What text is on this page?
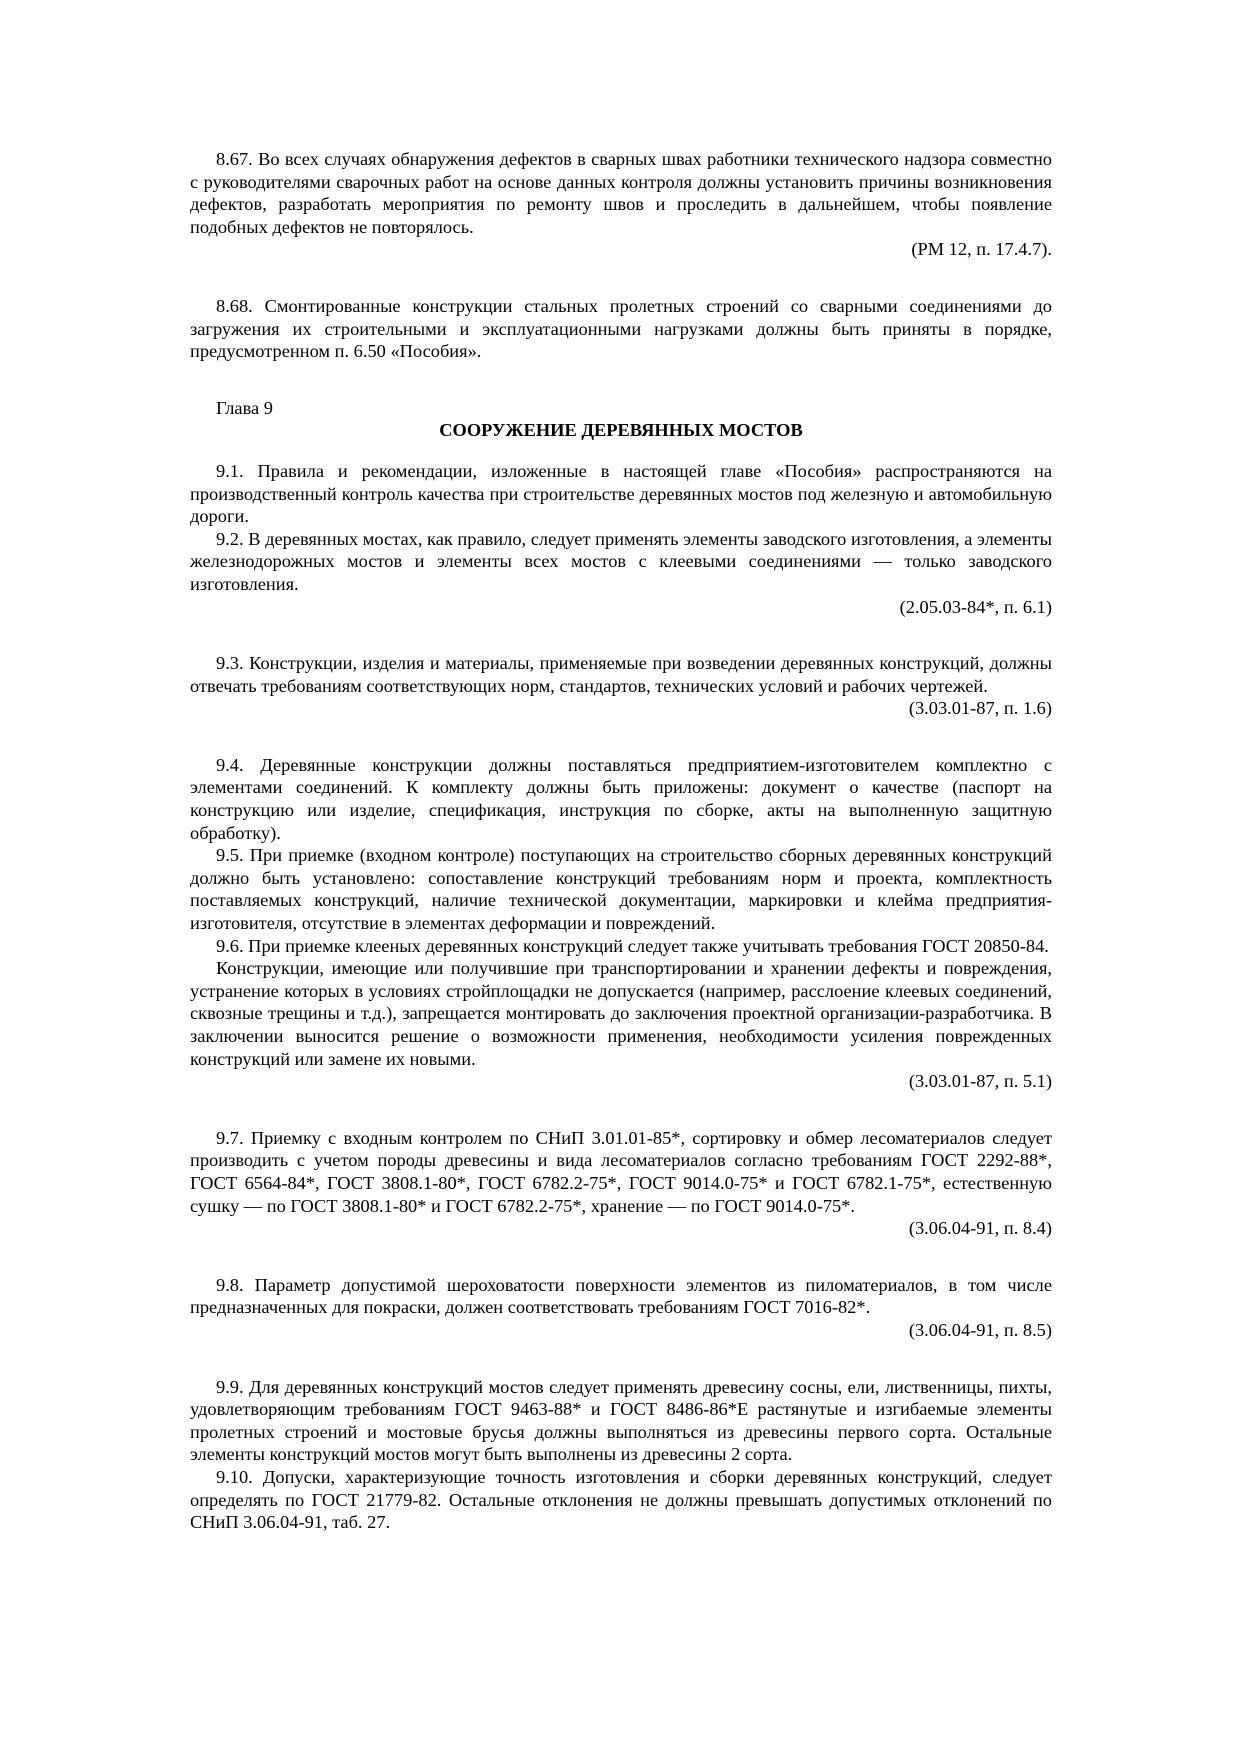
8.67. Во всех случаях обнаружения дефектов в сварных швах работники технического надзора совместно с руководителями сварочных работ на основе данных контроля должны установить причины возникновения дефектов, разработать мероприятия по ремонту швов и проследить в дальнейшем, чтобы появление подобных дефектов не повторялось.

(РМ 12, п. 17.4.7).

8.68. Смонтированные конструкции стальных пролетных строений со сварными соединениями до загружения их строительными и эксплуатационными нагрузками должны быть приняты в порядке, предусмотренном п. 6.50 «Пособия».

Глава 9

СООРУЖЕНИЕ ДЕРЕВЯННЫХ МОСТОВ

9.1. Правила и рекомендации, изложенные в настоящей главе «Пособия» распространяются на производственный контроль качества при строительстве деревянных мостов под железную и автомобильную дороги.

9.2. В деревянных мостах, как правило, следует применять элементы заводского изготовления, а элементы железнодорожных мостов и элементы всех мостов с клеевыми соединениями — только заводского изготовления.

(2.05.03-84*, п. 6.1)

9.3. Конструкции, изделия и материалы, применяемые при возведении деревянных конструкций, должны отвечать требованиям соответствующих норм, стандартов, технических условий и рабочих чертежей.

(3.03.01-87, п. 1.6)

9.4. Деревянные конструкции должны поставляться предприятием-изготовителем комплектно с элементами соединений. К комплекту должны быть приложены: документ о качестве (паспорт на конструкцию или изделие, спецификация, инструкция по сборке, акты на выполненную защитную обработку).

9.5. При приемке (входном контроле) поступающих на строительство сборных деревянных конструкций должно быть установлено: сопоставление конструкций требованиям норм и проекта, комплектность поставляемых конструкций, наличие технической документации, маркировки и клейма предприятия-изготовителя, отсутствие в элементах деформации и повреждений.

9.6. При приемке клееных деревянных конструкций следует также учитывать требования ГОСТ 20850-84.

Конструкции, имеющие или получившие при транспортировании и хранении дефекты и повреждения, устранение которых в условиях стройплощадки не допускается (например, расслоение клеевых соединений, сквозные трещины и т.д.), запрещается монтировать до заключения проектной организации-разработчика. В заключении выносится решение о возможности применения, необходимости усиления поврежденных конструкций или замене их новыми.

(3.03.01-87, п. 5.1)

9.7. Приемку с входным контролем по СНиП 3.01.01-85*, сортировку и обмер лесоматериалов следует производить с учетом породы древесины и вида лесоматериалов согласно требованиям ГОСТ 2292-88*, ГОСТ 6564-84*, ГОСТ 3808.1-80*, ГОСТ 6782.2-75*, ГОСТ 9014.0-75* и ГОСТ 6782.1-75*, естественную сушку — по ГОСТ 3808.1-80* и ГОСТ 6782.2-75*, хранение — по ГОСТ 9014.0-75*.

(3.06.04-91, п. 8.4)

9.8. Параметр допустимой шероховатости поверхности элементов из пиломатериалов, в том числе предназначенных для покраски, должен соответствовать требованиям ГОСТ 7016-82*.

(3.06.04-91, п. 8.5)

9.9. Для деревянных конструкций мостов следует применять древесину сосны, ели, лиственницы, пихты, удовлетворяющим требованиям ГОСТ 9463-88* и ГОСТ 8486-86*Е растянутые и изгибаемые элементы пролетных строений и мостовые брусья должны выполняться из древесины первого сорта. Остальные элементы конструкций мостов могут быть выполнены из древесины 2 сорта.

9.10. Допуски, характеризующие точность изготовления и сборки деревянных конструкций, следует определять по ГОСТ 21779-82. Остальные отклонения не должны превышать допустимых отклонений по СНиП 3.06.04-91, таб. 27.
